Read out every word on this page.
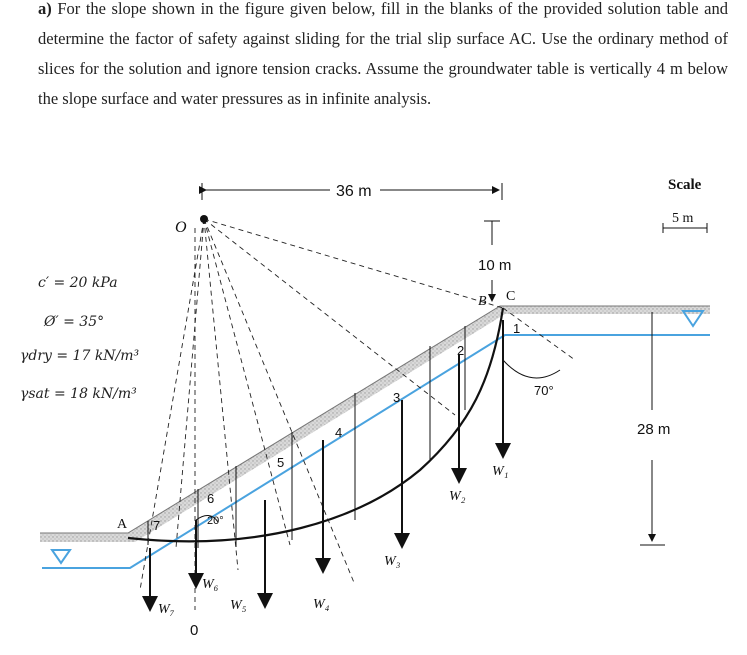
a) For the slope shown in the figure given below, fill in the blanks of the provided solution table and determine the factor of safety against sliding for the trial slip surface AC. Use the ordinary method of slices for the solution and ignore tension cracks. Assume the groundwater table is vertically 4 m below the slope surface and water pressures as in infinite analysis.
36 m
10 m
28 m
Scale
5 m
70°
20°
O
0
A
B C
1
2
3
4
5
6
7
W₁
W₂
W₃
W₄
W₅
W₆
W₇
c′ = 20 kPa
Ø′ = 35°
γdry = 17 kN/m³
γsat = 18 kN/m³
